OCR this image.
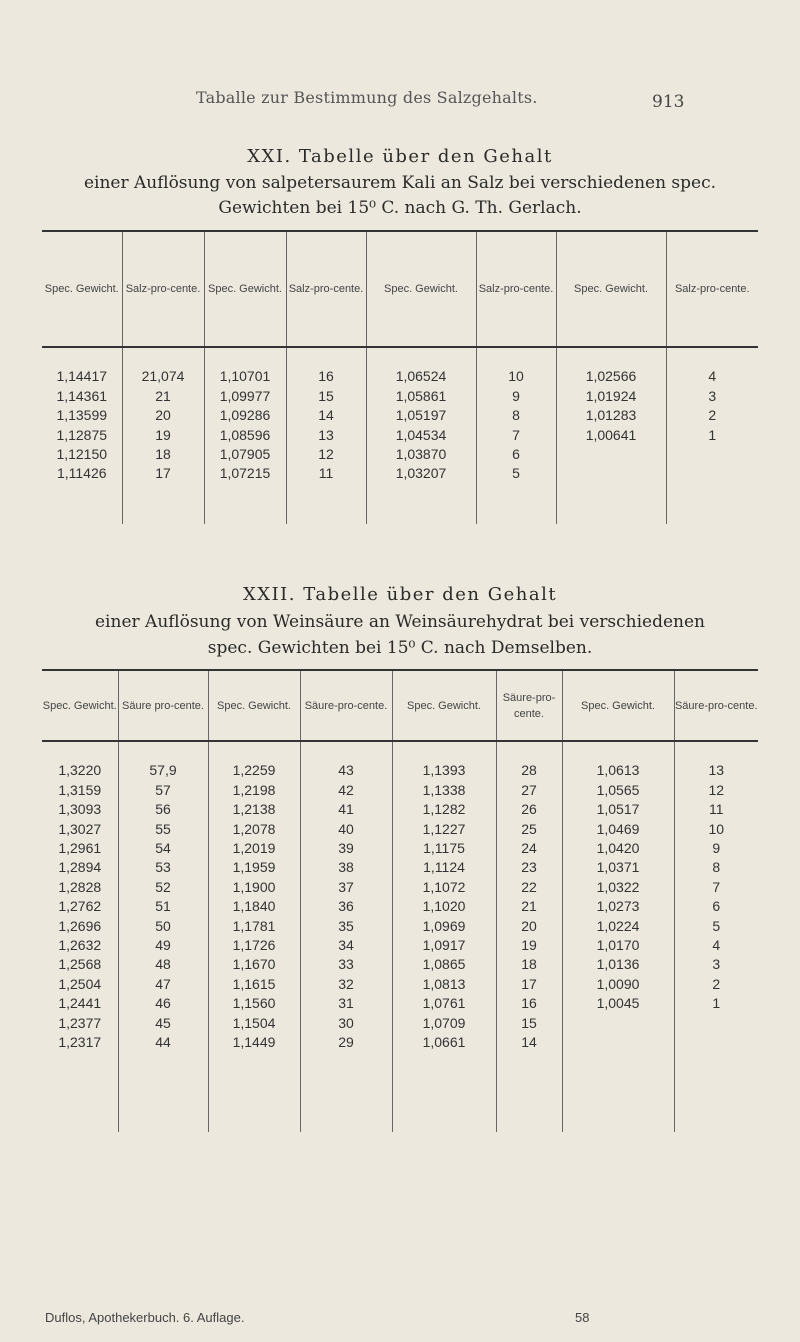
Taballe zur Bestimmung des Salzgehalts.	913
XXI. Tabelle über den Gehalt
einer Auflösung von salpetersaurem Kali an Salz bei verschiedenen spec.
Gewichten bei 15⁰ C. nach G. Th. Gerlach.
Spec. Gewicht.	Salz-pro-cente.	Spec. Gewicht.	Salz-pro-cente.	Spec. Gewicht.	Salz-pro-cente.	Spec. Gewicht.	Salz-pro-cente.

1,14417	21,074	1,10701	16	1,06524	10	1,02566	4
1,14361	21	1,09977	15	1,05861	9	1,01924	3
1,13599	20	1,09286	14	1,05197	8	1,01283	2
1,12875	19	1,08596	13	1,04534	7	1,00641	1
1,12150	18	1,07905	12	1,03870	6		
1,11426	17	1,07215	11	1,03207	5		

XXII. Tabelle über den Gehalt
einer Auflösung von Weinsäure an Weinsäurehydrat bei verschiedenen
spec. Gewichten bei 15⁰ C. nach Demselben.
Spec. Gewicht.	Säure pro-cente.	Spec. Gewicht.	Säure-pro-cente.	Spec. Gewicht.	Säure-pro-cente.	Spec. Gewicht.	Säure-pro-cente.

1,3220	57,9	1,2259	43	1,1393	28	1,0613	13
1,3159	57	1,2198	42	1,1338	27	1,0565	12
1,3093	56	1,2138	41	1,1282	26	1,0517	11
1,3027	55	1,2078	40	1,1227	25	1,0469	10
1,2961	54	1,2019	39	1,1175	24	1,0420	9
1,2894	53	1,1959	38	1,1124	23	1,0371	8
1,2828	52	1,1900	37	1,1072	22	1,0322	7
1,2762	51	1,1840	36	1,1020	21	1,0273	6
1,2696	50	1,1781	35	1,0969	20	1,0224	5
1,2632	49	1,1726	34	1,0917	19	1,0170	4
1,2568	48	1,1670	33	1,0865	18	1,0136	3
1,2504	47	1,1615	32	1,0813	17	1,0090	2
1,2441	46	1,1560	31	1,0761	16	1,0045	1
1,2377	45	1,1504	30	1,0709	15		
1,2317	44	1,1449	29	1,0661	14		

Duflos, Apothekerbuch. 6. Auflage.	58
